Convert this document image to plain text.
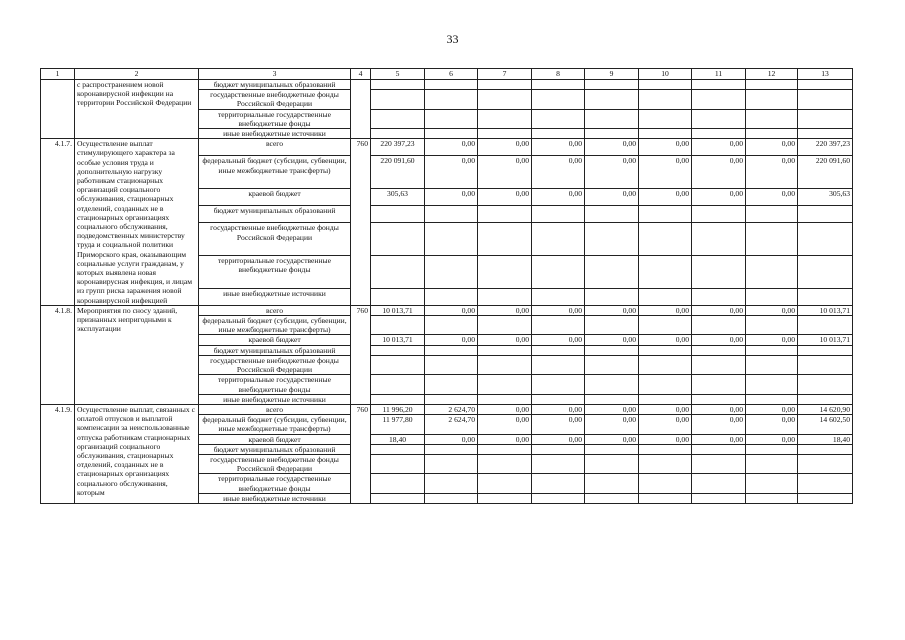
33
1	2	3	4	5	6	7	8	9	10	11	12	13
	с распространением новой коронавирусной инфекции на территории Российской Федерации	бюджет муниципальных образований										
		государственные внебюджетные фонды Российской Федерации										
		территориальные государственные внебюджетные фонды										
		иные внебюджетные источники										
4.1.7.	Осуществление выплат стимулирующего характера за особые условия труда и дополнительную нагрузку работникам стационарных организаций социального обслуживания, стационарных отделений, созданных не в стационарных организациях социального обслуживания, подведомственных министерству труда и социальной политики Приморского края, оказывающим социальные услуги гражданам, у которых выявлена новая коронавирусная инфекция, и лицам из групп риска заражения новой коронавирусной инфекцией	всего	760	220 397,23	0,00	0,00	0,00	0,00	0,00	0,00	0,00	220 397,23
		федеральный бюджет (субсидии, субвенции, иные межбюджетные трансферты)		220 091,60	0,00	0,00	0,00	0,00	0,00	0,00	0,00	220 091,60
		краевой бюджет		305,63	0,00	0,00	0,00	0,00	0,00	0,00	0,00	305,63
		бюджет муниципальных образований										
		государственные внебюджетные фонды Российской Федерации										
		территориальные государственные внебюджетные фонды										
		иные внебюджетные источники										
4.1.8.	Мероприятия по сносу зданий, признанных непригодными к эксплуатации	всего	760	10 013,71	0,00	0,00	0,00	0,00	0,00	0,00	0,00	10 013,71
		федеральный бюджет (субсидии, субвенции, иные межбюджетные трансферты)										
		краевой бюджет		10 013,71	0,00	0,00	0,00	0,00	0,00	0,00	0,00	10 013,71
		бюджет муниципальных образований										
		государственные внебюджетные фонды Российской Федерации										
		территориальные государственные внебюджетные фонды										
		иные внебюджетные источники										
4.1.9.	Осуществление выплат, связанных с оплатой отпусков и выплатой компенсации за неиспользованные отпуска работникам стационарных организаций социального обслуживания, стационарных отделений, созданных не в стационарных организациях социального обслуживания, которым	всего	760	11 996,20	2 624,70	0,00	0,00	0,00	0,00	0,00	0,00	14 620,90
		федеральный бюджет (субсидии, субвенции, иные межбюджетные трансферты)		11 977,80	2 624,70	0,00	0,00	0,00	0,00	0,00	0,00	14 602,50
		краевой бюджет		18,40	0,00	0,00	0,00	0,00	0,00	0,00	0,00	18,40
		бюджет муниципальных образований										
		государственные внебюджетные фонды Российской Федерации										
		территориальные государственные внебюджетные фонды										
		иные внебюджетные источники										
